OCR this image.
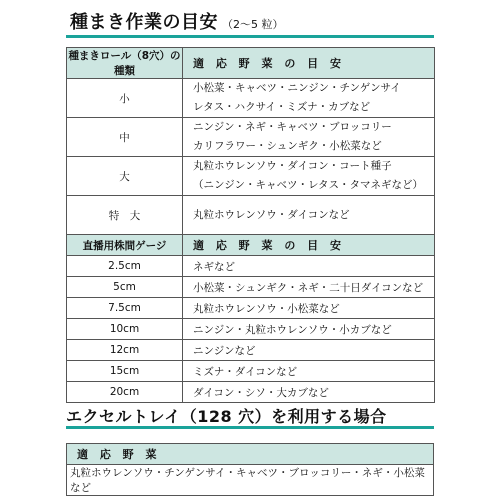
種まき作業の目安 （2～5 粒）
種まきロール（8穴）の種類	適 応 野 菜 の 目 安
小	小松菜・キャベツ・ニンジン・チンゲンサイ
レタス・ハクサイ・ミズナ・カブなど

中	ニンジン・ネギ・キャベツ・ブロッコリー
カリフラワー・シュンギク・小松菜など

大	丸粒ホウレンソウ・ダイコン・コート種子
（ニンジン・キャベツ・レタス・タマネギなど）

特　大	丸粒ホウレンソウ・ダイコンなど

直播用株間ゲージ	適 応 野 菜 の 目 安
2.5cm	ネギなど
5cm	小松菜・シュンギク・ネギ・二十日ダイコンなど
7.5cm	丸粒ホウレンソウ・小松菜など
10cm	ニンジン・丸粒ホウレンソウ・小カブなど
12cm	ニンジンなど
15cm	ミズナ・ダイコンなど
20cm	ダイコン・シソ・大カブなど
エクセルトレイ（128 穴）を利用する場合
適 応 野 菜
丸粒ホウレンソウ・チンゲンサイ・キャベツ・ブロッコリー・ネギ・小松菜など
